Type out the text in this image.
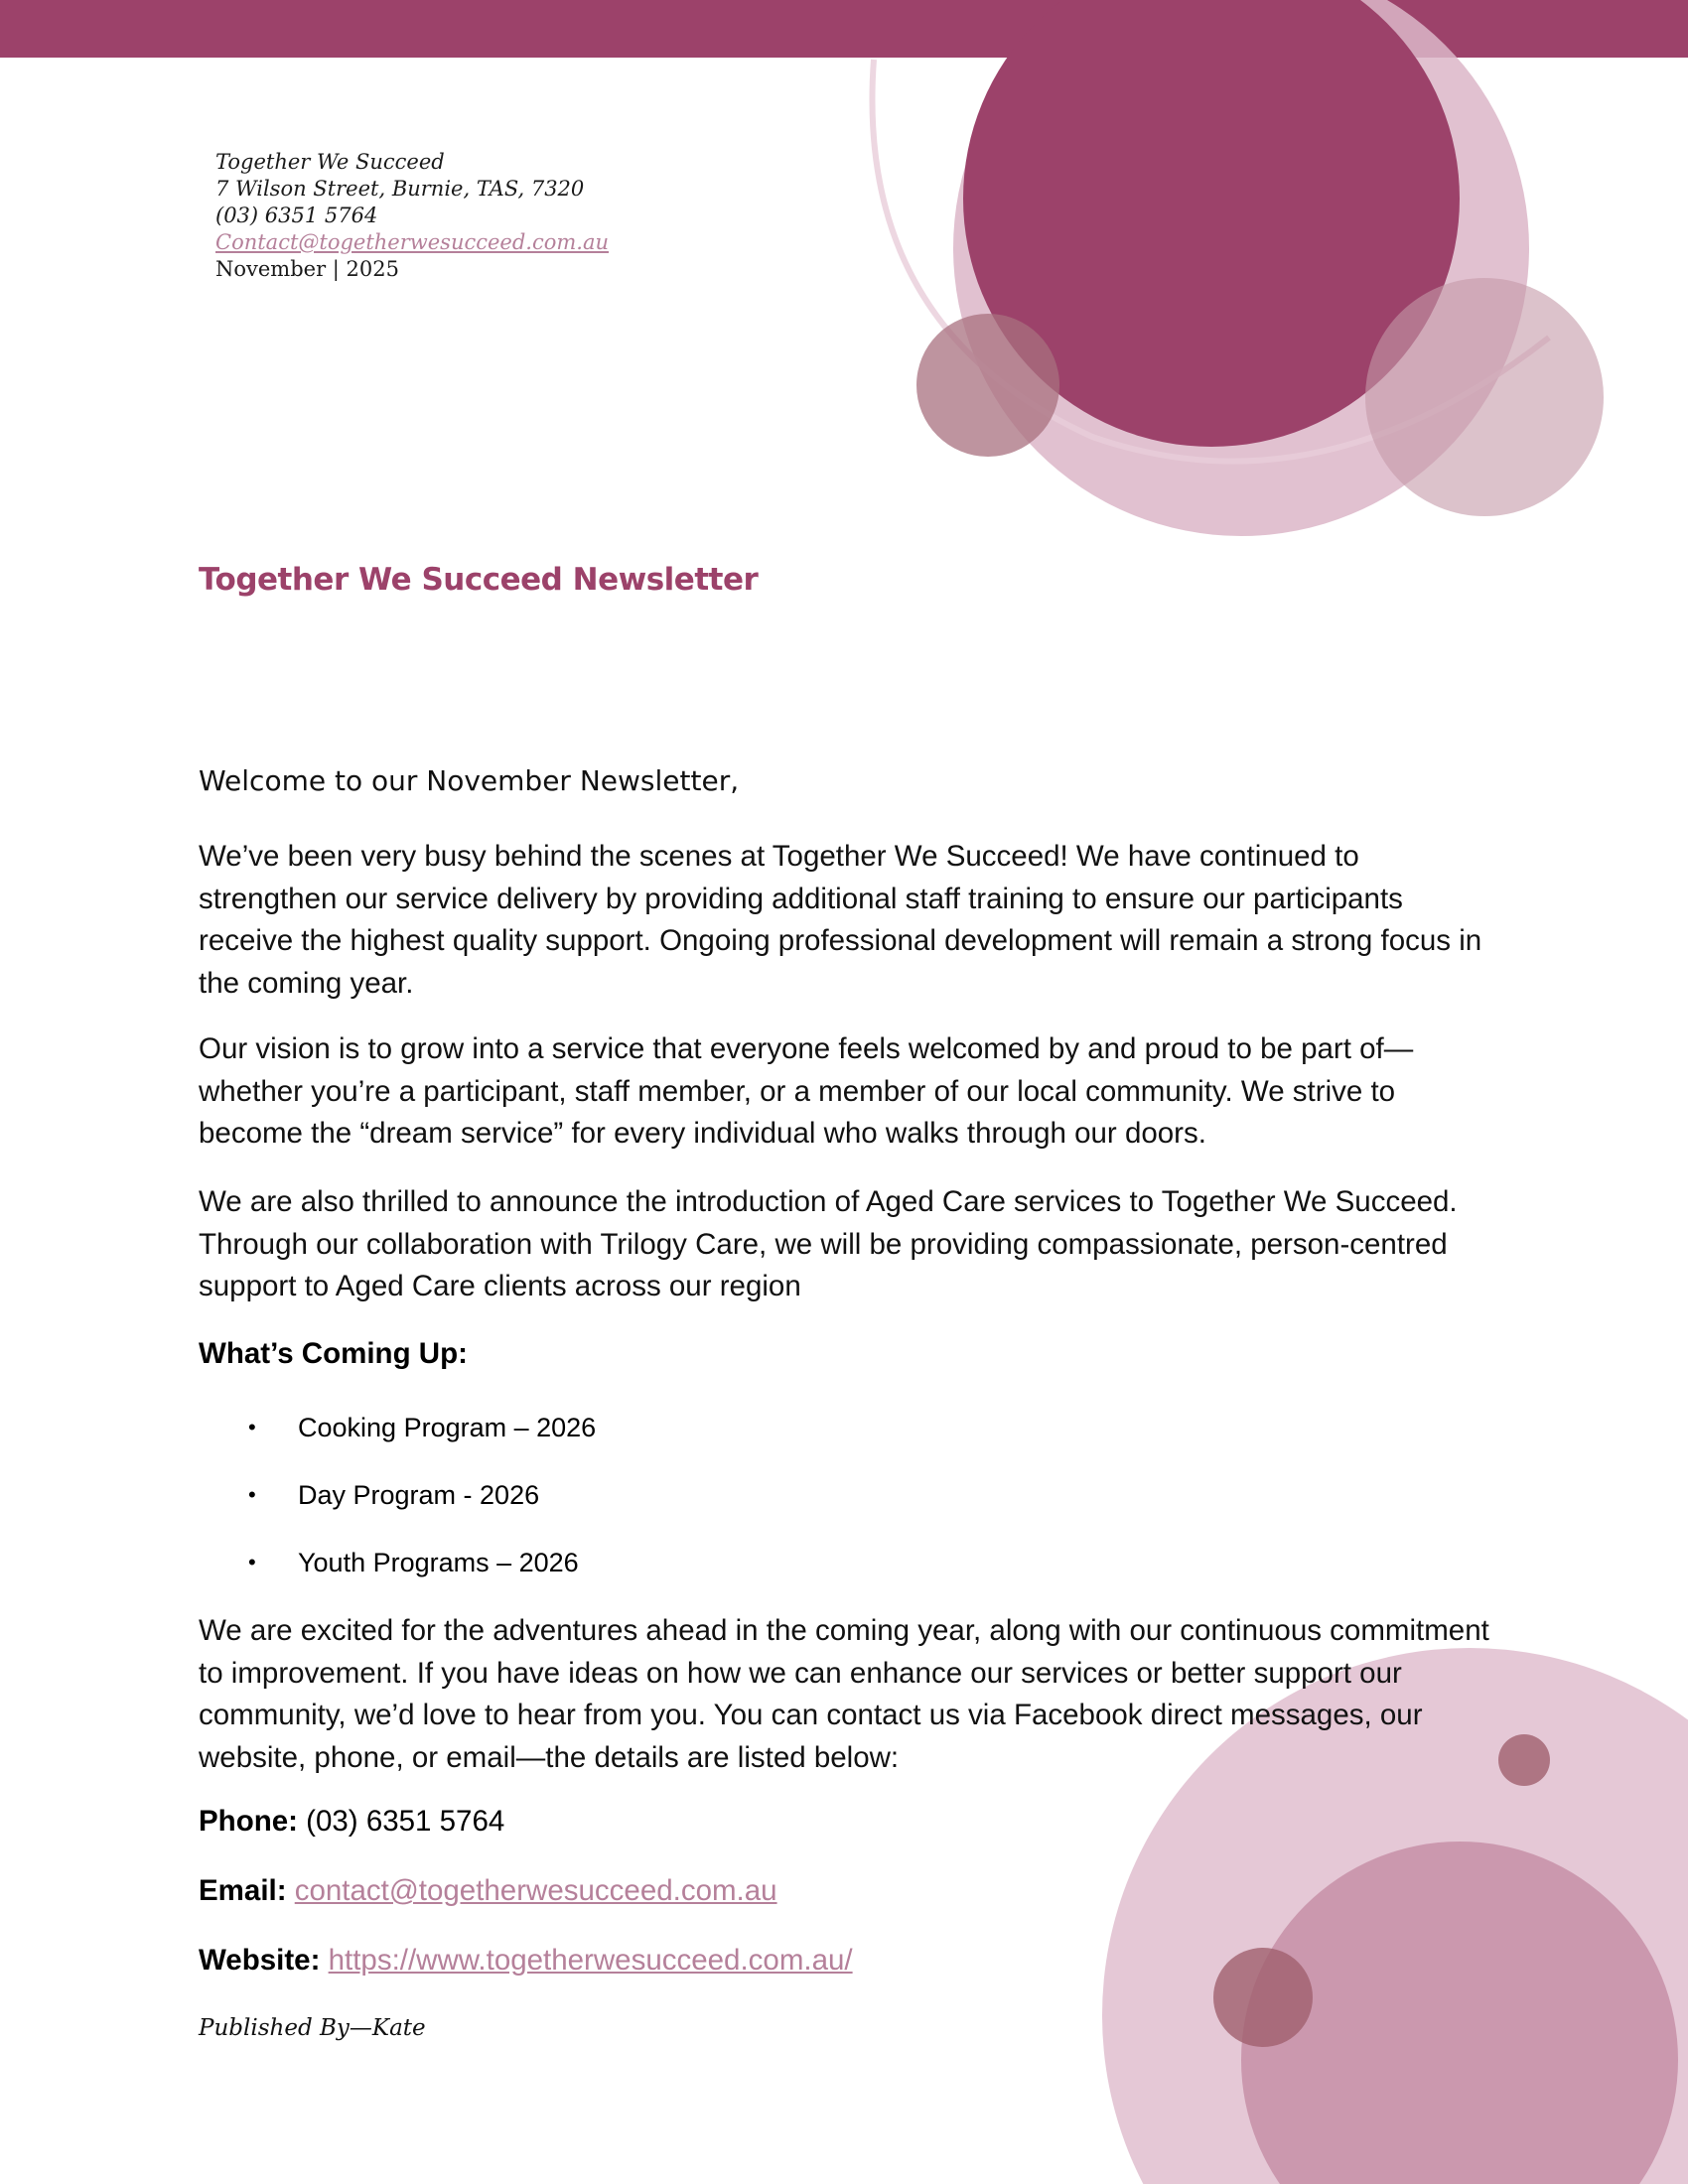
Together We Succeed
7 Wilson Street, Burnie, TAS, 7320
(03) 6351 5764
Contact@togetherwesucceed.com.au
November | 2025
Together We Succeed Newsletter
Welcome to our November Newsletter,
We’ve been very busy behind the scenes at Together We Succeed! We have continued to strengthen our service delivery by providing additional staff training to ensure our participants receive the highest quality support. Ongoing professional development will remain a strong focus in the coming year.
Our vision is to grow into a service that everyone feels welcomed by and proud to be part of—whether you’re a participant, staff member, or a member of our local community. We strive to become the “dream service” for every individual who walks through our doors.
We are also thrilled to announce the introduction of Aged Care services to Together We Succeed. Through our collaboration with Trilogy Care, we will be providing compassionate, person-centred support to Aged Care clients across our region
What’s Coming Up:
• Cooking Program – 2026
• Day Program - 2026
• Youth Programs – 2026
We are excited for the adventures ahead in the coming year, along with our continuous commitment to improvement. If you have ideas on how we can enhance our services or better support our community, we’d love to hear from you. You can contact us via Facebook direct messages, our website, phone, or email—the details are listed below:
Phone: (03) 6351 5764
Email: contact@togetherwesucceed.com.au
Website: https://www.togetherwesucceed.com.au/
Published By—Kate
